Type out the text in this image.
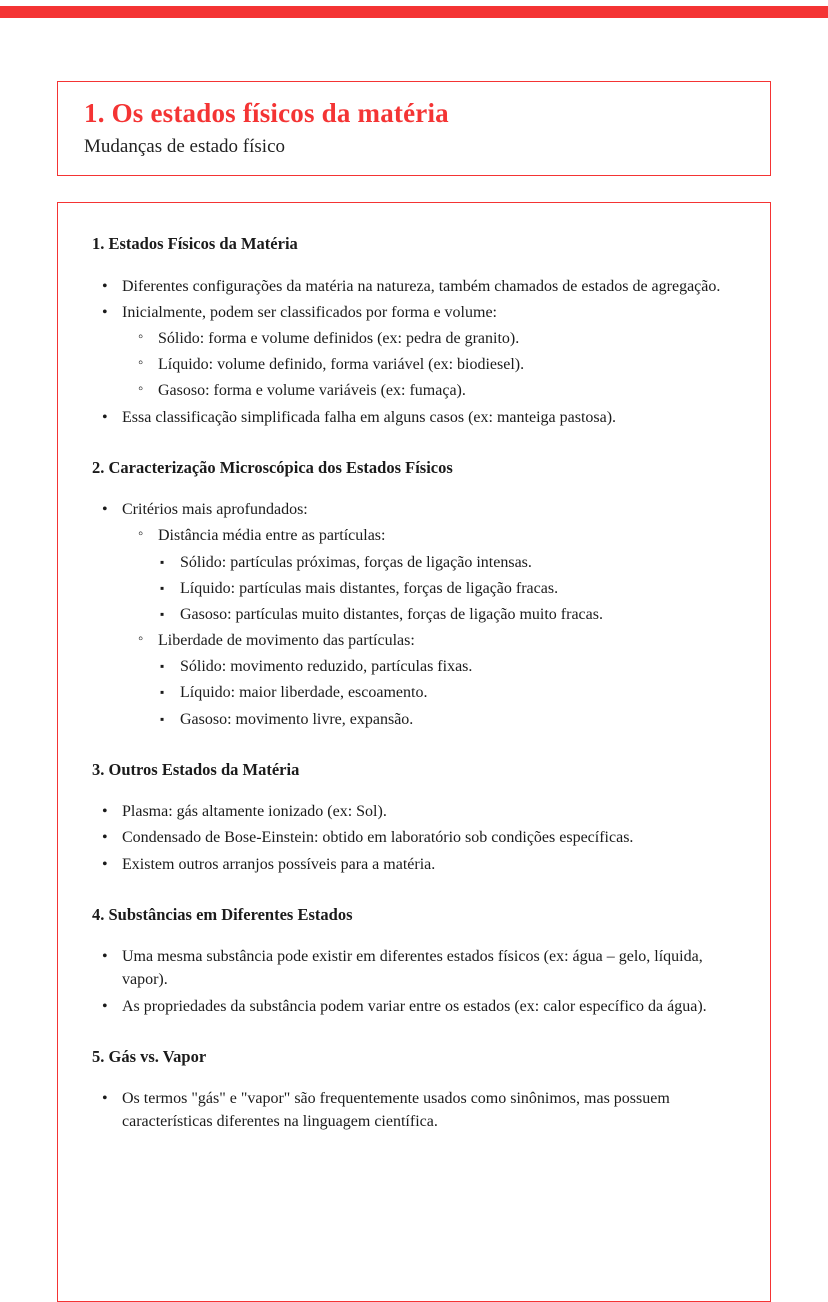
1. Os estados físicos da matéria
Mudanças de estado físico
1. Estados Físicos da Matéria
• Diferentes configurações da matéria na natureza, também chamados de estados de agregação.
• Inicialmente, podem ser classificados por forma e volume:
◦ Sólido: forma e volume definidos (ex: pedra de granito).
◦ Líquido: volume definido, forma variável (ex: biodiesel).
◦ Gasoso: forma e volume variáveis (ex: fumaça).
• Essa classificação simplificada falha em alguns casos (ex: manteiga pastosa).
2. Caracterização Microscópica dos Estados Físicos
• Critérios mais aprofundados:
◦ Distância média entre as partículas:
▪ Sólido: partículas próximas, forças de ligação intensas.
▪ Líquido: partículas mais distantes, forças de ligação fracas.
▪ Gasoso: partículas muito distantes, forças de ligação muito fracas.
◦ Liberdade de movimento das partículas:
▪ Sólido: movimento reduzido, partículas fixas.
▪ Líquido: maior liberdade, escoamento.
▪ Gasoso: movimento livre, expansão.
3. Outros Estados da Matéria
• Plasma: gás altamente ionizado (ex: Sol).
• Condensado de Bose-Einstein: obtido em laboratório sob condições específicas.
• Existem outros arranjos possíveis para a matéria.
4. Substâncias em Diferentes Estados
• Uma mesma substância pode existir em diferentes estados físicos (ex: água – gelo, líquida, vapor).
• As propriedades da substância podem variar entre os estados (ex: calor específico da água).
5. Gás vs. Vapor
• Os termos "gás" e "vapor" são frequentemente usados como sinônimos, mas possuem características diferentes na linguagem científica.
